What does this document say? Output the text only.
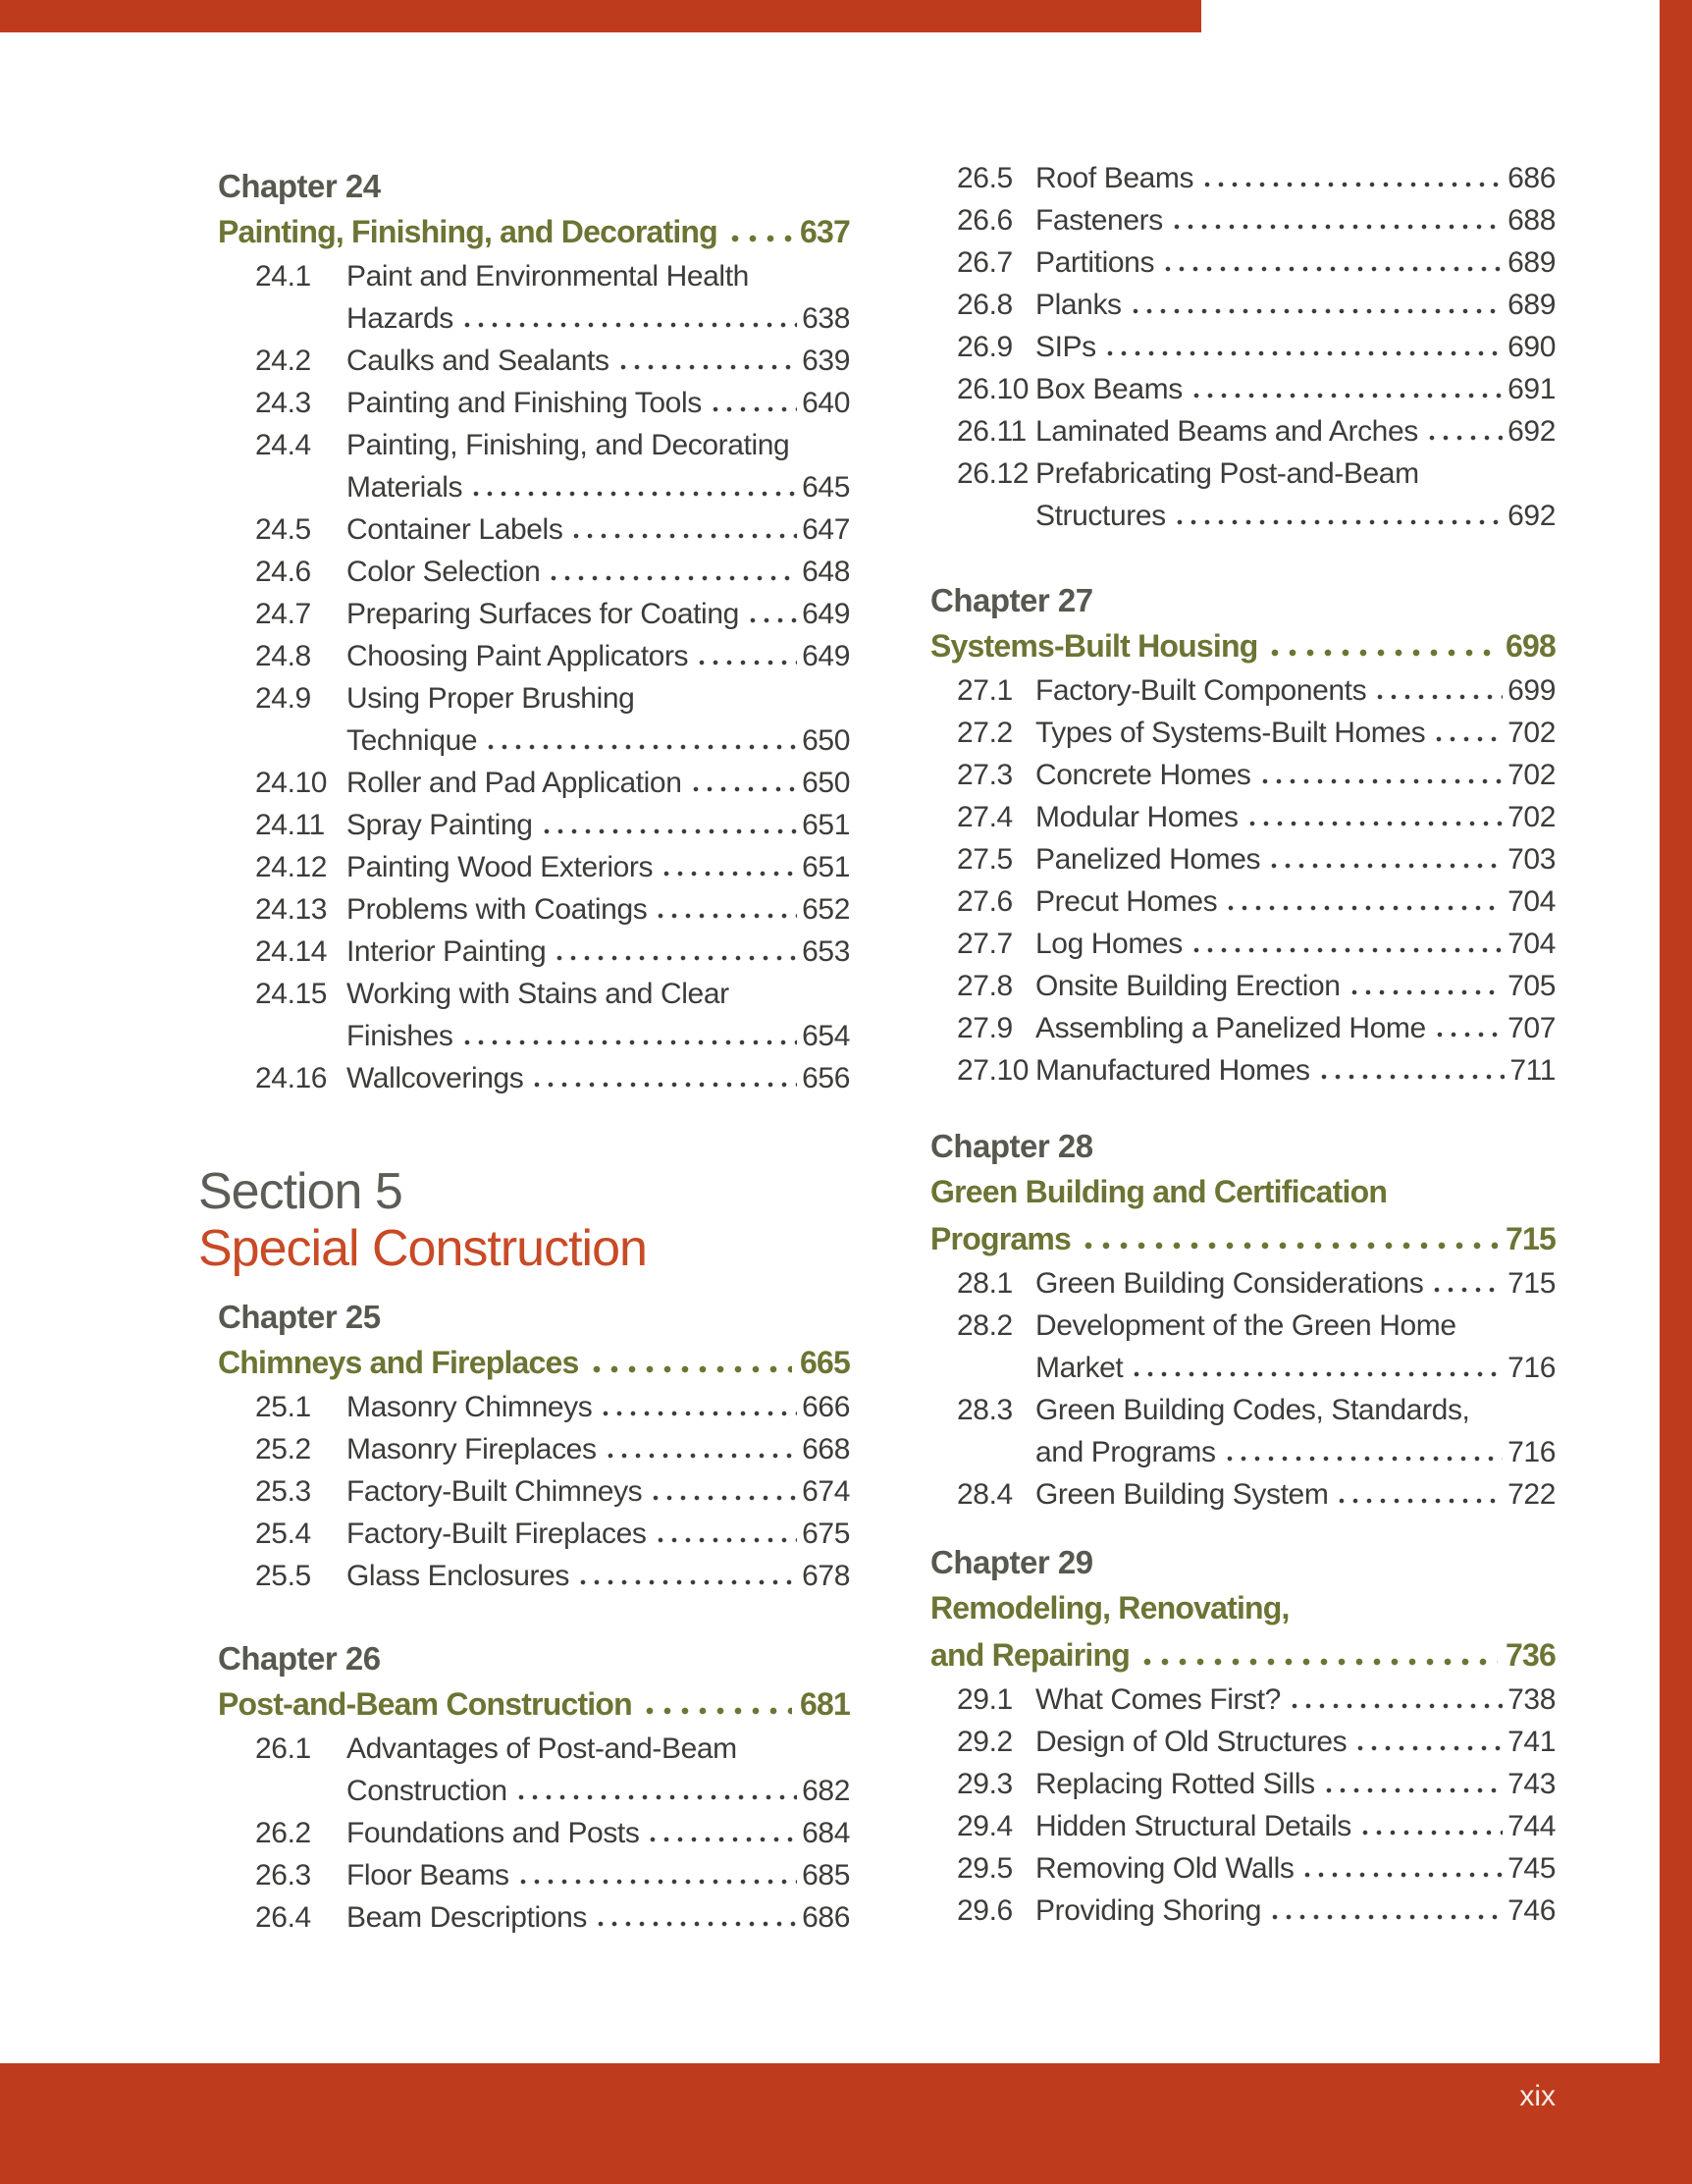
Chapter 24
Painting, Finishing, and Decorating	637
24.1	Paint and Environmental Health
Hazards	638
24.2	Caulks and Sealants	639
24.3	Painting and Finishing Tools	640
24.4	Painting, Finishing, and Decorating
Materials	645
24.5	Container Labels	647
24.6	Color Selection	648
24.7	Preparing Surfaces for Coating 649
24.8	Choosing Paint Applicators	649
24.9	Using Proper Brushing
Technique	650
24.10 Roller and Pad Application	650
24.11 Spray Painting	651
24.12 Painting Wood Exteriors	651
24.13 Problems with Coatings	652
24.14 Interior Painting	653
24.15 Working with Stains and Clear
Finishes	654
24.16 Wallcoverings	656
Section 5
Special Construction
Chapter 25
Chimneys and Fireplaces	665
25.1	Masonry Chimneys	666
25.2	Masonry Fireplaces	668
25.3	Factory-Built Chimneys	674
25.4	Factory-Built Fireplaces	675
25.5	Glass Enclosures	678
Chapter 26
Post-and-Beam Construction	681
26.1	Advantages of Post-and-Beam
Construction	682
26.2	Foundations and Posts	684
26.3	Floor Beams	685
26.4	Beam Descriptions	686
26.5 Roof Beams	686
26.6 Fasteners	688
26.7 Partitions	689
26.8 Planks	689
26.9 SIPs	690
26.10 Box Beams	691
26.11 Laminated Beams and Arches	692
26.12 Prefabricating Post-and-Beam
Structures	692
Chapter 27
Systems-Built Housing	698
27.1 Factory-Built Components	699
27.2 Types of Systems-Built Homes	702
27.3 Concrete Homes	702
27.4 Modular Homes	702
27.5 Panelized Homes	703
27.6 Precut Homes	704
27.7 Log Homes	704
27.8 Onsite Building Erection	705
27.9 Assembling a Panelized Home	707
27.10 Manufactured Homes	711
Chapter 28
Green Building and Certification
Programs	715
28.1 Green Building Considerations	715
28.2 Development of the Green Home
Market	716
28.3 Green Building Codes, Standards,
and Programs	716
28.4 Green Building System	722
Chapter 29
Remodeling, Renovating,
and Repairing	736
29.1 What Comes First?	738
29.2 Design of Old Structures	741
29.3 Replacing Rotted Sills	743
29.4 Hidden Structural Details	744
29.5 Removing Old Walls	745
29.6 Providing Shoring	746
xix
